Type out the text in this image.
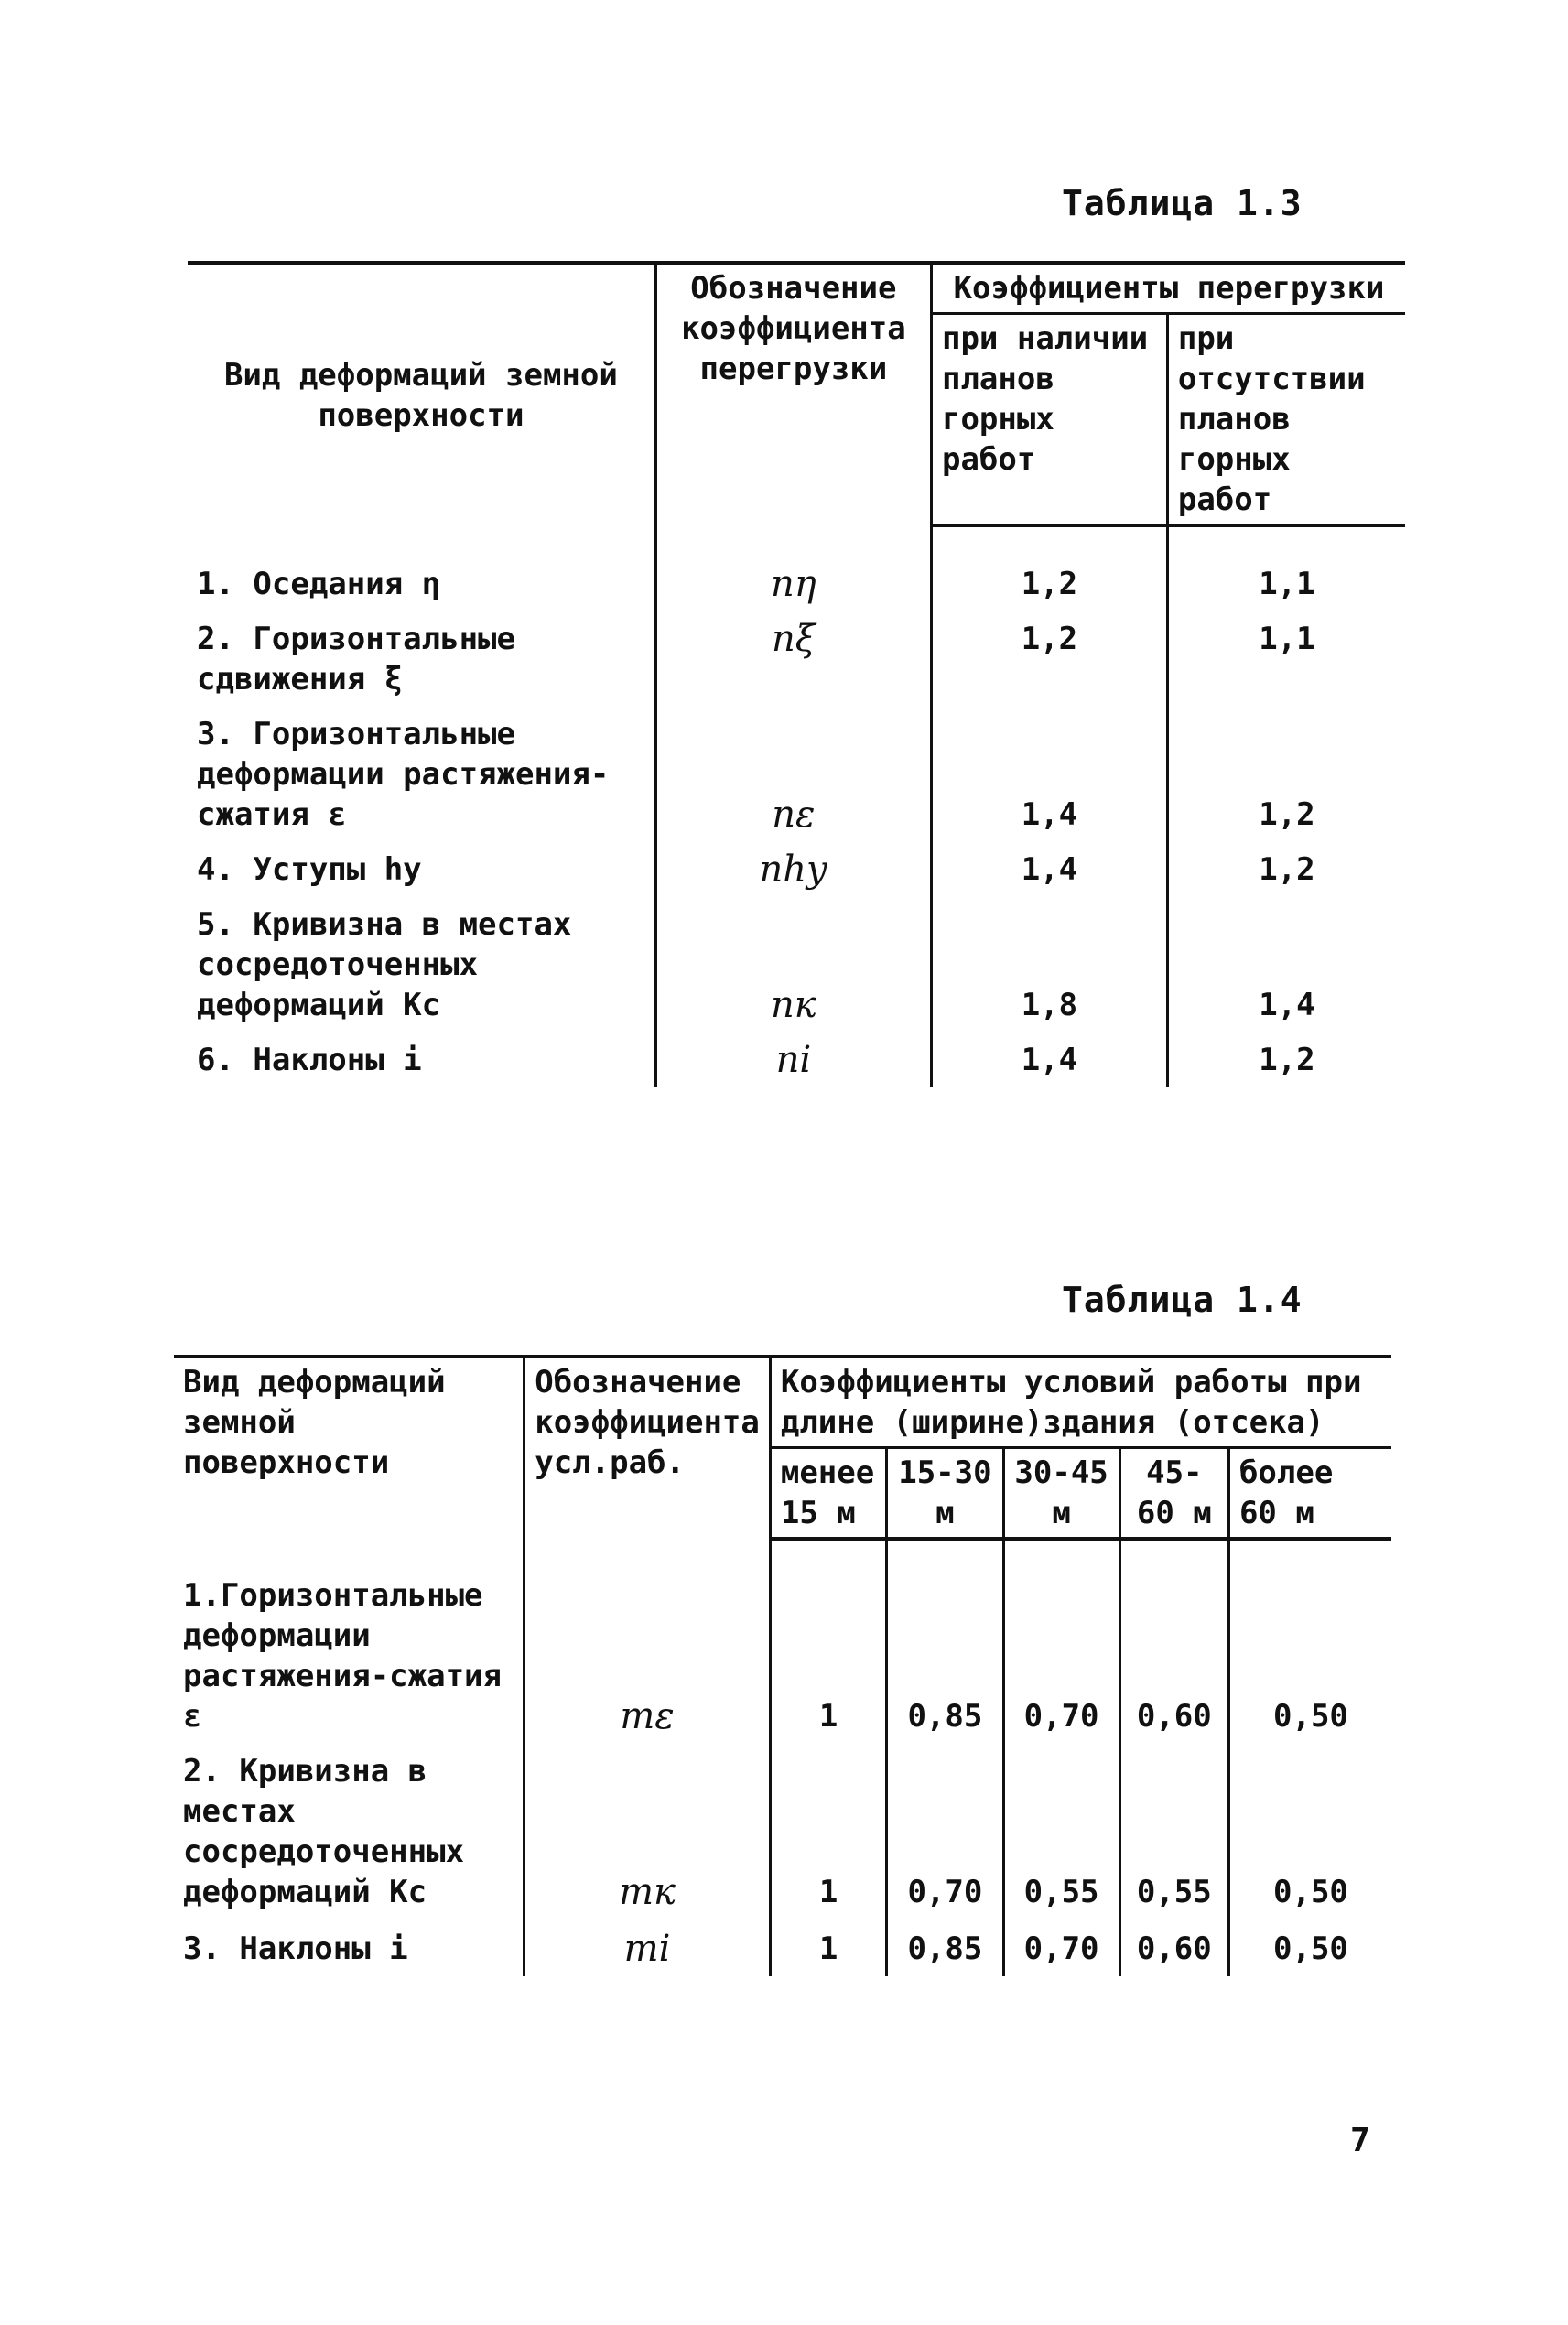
Таблица 1.3
Вид деформаций земной поверхности	Обозначение коэффициента перегрузки	Коэффициенты перегрузки	
		при наличии планов горных работ	при отсутствии планов горных работ
1. Оседания η	nη	1,2	1,1
2. Горизонтальные
сдвижения ξ	nξ	1,2	1,1
3. Горизонтальные
деформации растяжения-сжатия ε	nε	1,4	1,2
4. Уступы hу	nhу	1,4	1,2
5. Кривизна в местах
сосредоточенных
деформаций Kc	nк	1,8	1,4
6. Наклоны i	ni	1,4	1,2
Таблица 1.4
Вид деформаций земной поверхности	Обозначение коэффициента усл.раб.	Коэффициенты условий работы при длине (ширине)здания (отсека)				
		менее 15 м	15-30 м	30-45 м	45-60 м	более 60 м
1.Горизонтальные
деформации растяжения-сжатия ε	mε	1	0,85	0,70	0,60	0,50
2. Кривизна в местах сосредоточенных
деформаций Kc	mк	1	0,70	0,55	0,55	0,50
3. Наклоны i	mi	1	0,85	0,70	0,60	0,50
7
